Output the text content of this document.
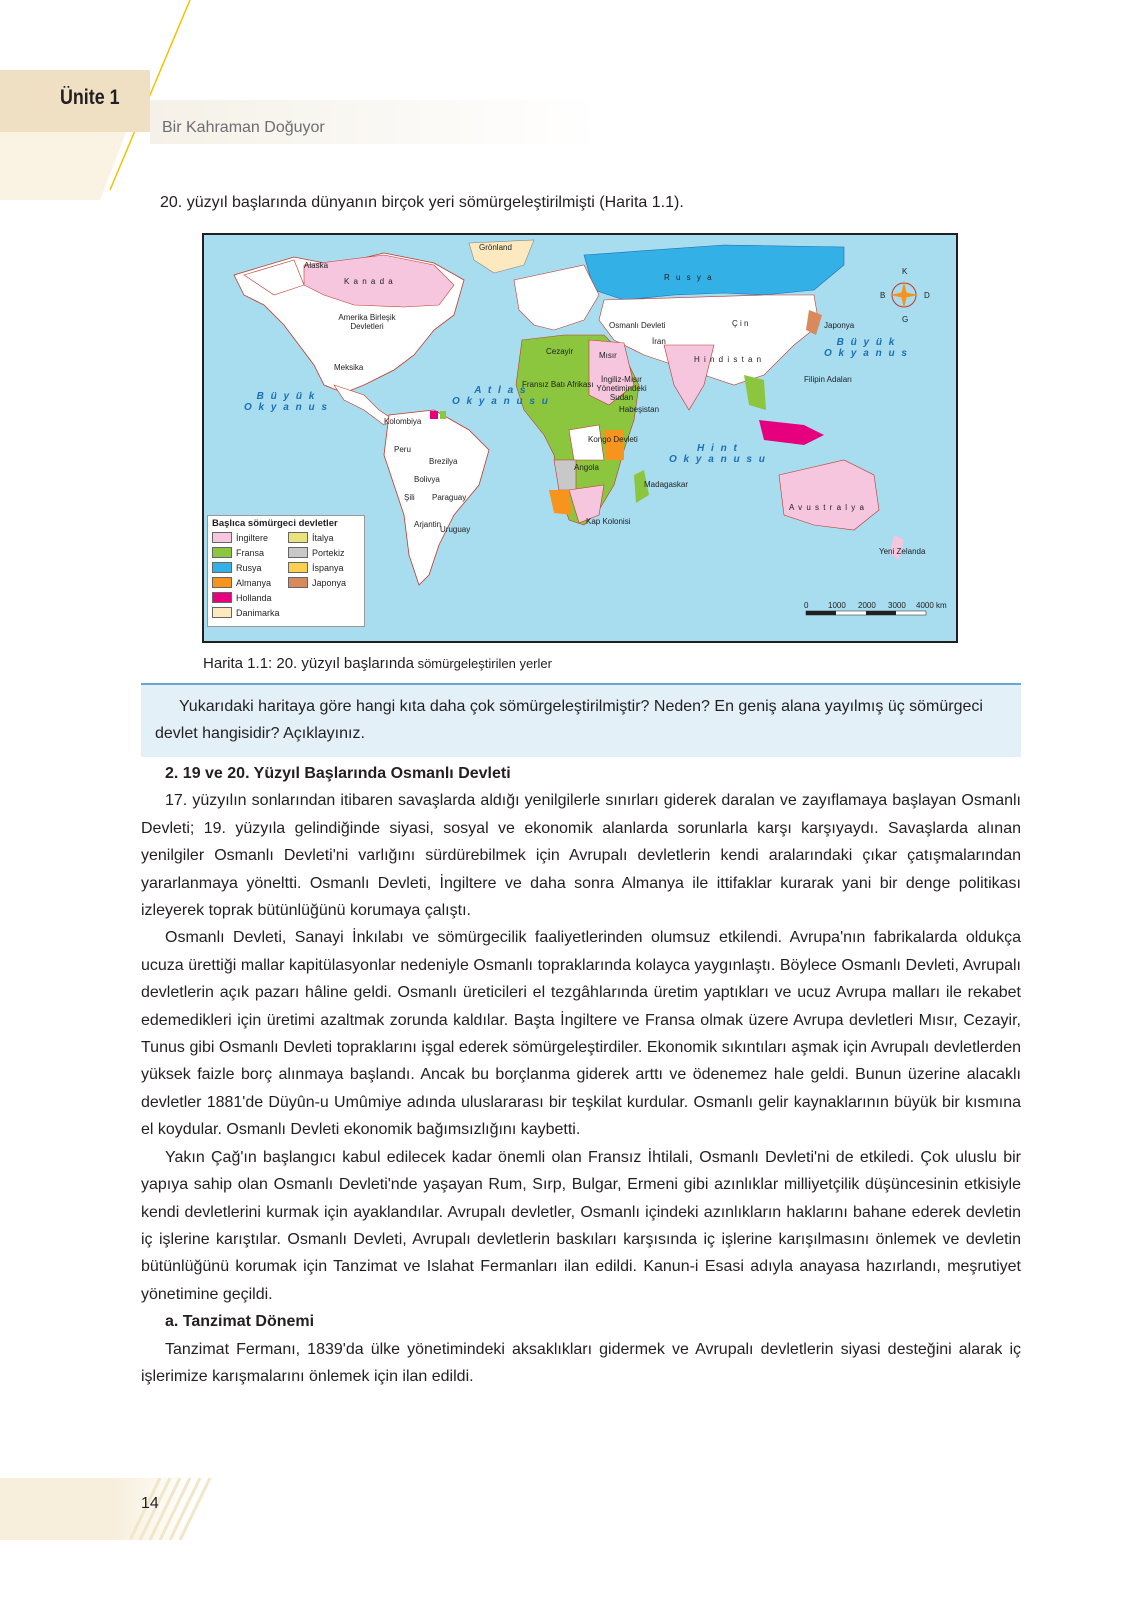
Ünite 1
Bir Kahraman Doğuyor
20. yüzyıl başlarında dünyanın birçok yeri sömürgeleştirilmişti (Harita 1.1).
K
G
D
B
Grönland
Alaska
K a n a d a
Amerika Birleşik Devletleri
Meksika
R u s y a
Ç i n	Japonya
H i n d i s t a n
Brezilya
Arjantin
A v u s t r a l y a
Cezayir	Mısır
İran
Madagaskar
Kap Kolonisi
Fransız Batı Afrikası
Angola
Kongo Devleti
İngiliz-Mısır Yönetimindeki Sudan
Habeşistan
Osmanlı Devleti
Yeni Zelanda
Filipin Adaları
Peru
Kolombiya
Bolivya
Şili Paraguay
Uruguay
A t l a s
O k y a n u s u
H i n t
O k y a n u s u
B ü y ü k
O k y a n u s
B ü y ü k
O k y a n u s
0 1000 2000 3000 4000 km
Başlıca sömürgeci devletler
İngiltere
Fransa
Rusya
Almanya
Hollanda
Danimarka
İtalya
Portekiz
İspanya
Japonya
Harita 1.1: 20. yüzyıl başlarında sömürgeleştirilen yerler
Yukarıdaki haritaya göre hangi kıta daha çok sömürgeleştirilmiştir? Neden? En geniş alana yayılmış üç sömürgeci devlet hangisidir? Açıklayınız.

2. 19 ve 20. Yüzyıl Başlarında Osmanlı Devleti

17. yüzyılın sonlarından itibaren savaşlarda aldığı yenilgilerle sınırları giderek daralan ve zayıflamaya başlayan Osmanlı Devleti; 19. yüzyıla gelindiğinde siyasi, sosyal ve ekonomik alanlarda sorunlarla karşı karşıyaydı. Savaşlarda alınan yenilgiler Osmanlı Devleti'ni varlığını sürdürebilmek için Avrupalı devletlerin kendi aralarındaki çıkar çatışmalarından yararlanmaya yöneltti. Osmanlı Devleti, İngiltere ve daha sonra Almanya ile ittifaklar kurarak yani bir denge politikası izleyerek toprak bütünlüğünü korumaya çalıştı.

Osmanlı Devleti, Sanayi İnkılabı ve sömürgecilik faaliyetlerinden olumsuz etkilendi. Avrupa'nın fabrikalarda oldukça ucuza ürettiği mallar kapitülasyonlar nedeniyle Osmanlı topraklarında kolayca yaygınlaştı. Böylece Osmanlı Devleti, Avrupalı devletlerin açık pazarı hâline geldi. Osmanlı üreticileri el tezgâhlarında üretim yaptıkları ve ucuz Avrupa malları ile rekabet edemedikleri için üretimi azaltmak zorunda kaldılar. Başta İngiltere ve Fransa olmak üzere Avrupa devletleri Mısır, Cezayir, Tunus gibi Osmanlı Devleti topraklarını işgal ederek sömürgeleştirdiler. Ekonomik sıkıntıları aşmak için Avrupalı devletlerden yüksek faizle borç alınmaya başlandı. Ancak bu borçlanma giderek arttı ve ödenemez hale geldi. Bunun üzerine alacaklı devletler 1881'de Düyûn-u Umûmiye adında uluslararası bir teşkilat kurdular. Osmanlı gelir kaynaklarının büyük bir kısmına el koydular. Osmanlı Devleti ekonomik bağımsızlığını kaybetti.

Yakın Çağ'ın başlangıcı kabul edilecek kadar önemli olan Fransız İhtilali, Osmanlı Devleti'ni de etkiledi. Çok uluslu bir yapıya sahip olan Osmanlı Devleti'nde yaşayan Rum, Sırp, Bulgar, Ermeni gibi azınlıklar milliyetçilik düşüncesinin etkisiyle kendi devletlerini kurmak için ayaklandılar. Avrupalı devletler, Osmanlı içindeki azınlıkların haklarını bahane ederek devletin iç işlerine karıştılar. Osmanlı Devleti, Avrupalı devletlerin baskıları karşısında iç işlerine karışılmasını önlemek ve devletin bütünlüğünü korumak için Tanzimat ve Islahat Fermanları ilan edildi. Kanun-i Esasi adıyla anayasa hazırlandı, meşrutiyet yönetimine geçildi.

a. Tanzimat Dönemi

Tanzimat Fermanı, 1839'da ülke yönetimindeki aksaklıkları gidermek ve Avrupalı devletlerin siyasi desteğini alarak iç işlerimize karışmalarını önlemek için ilan edildi.

14
